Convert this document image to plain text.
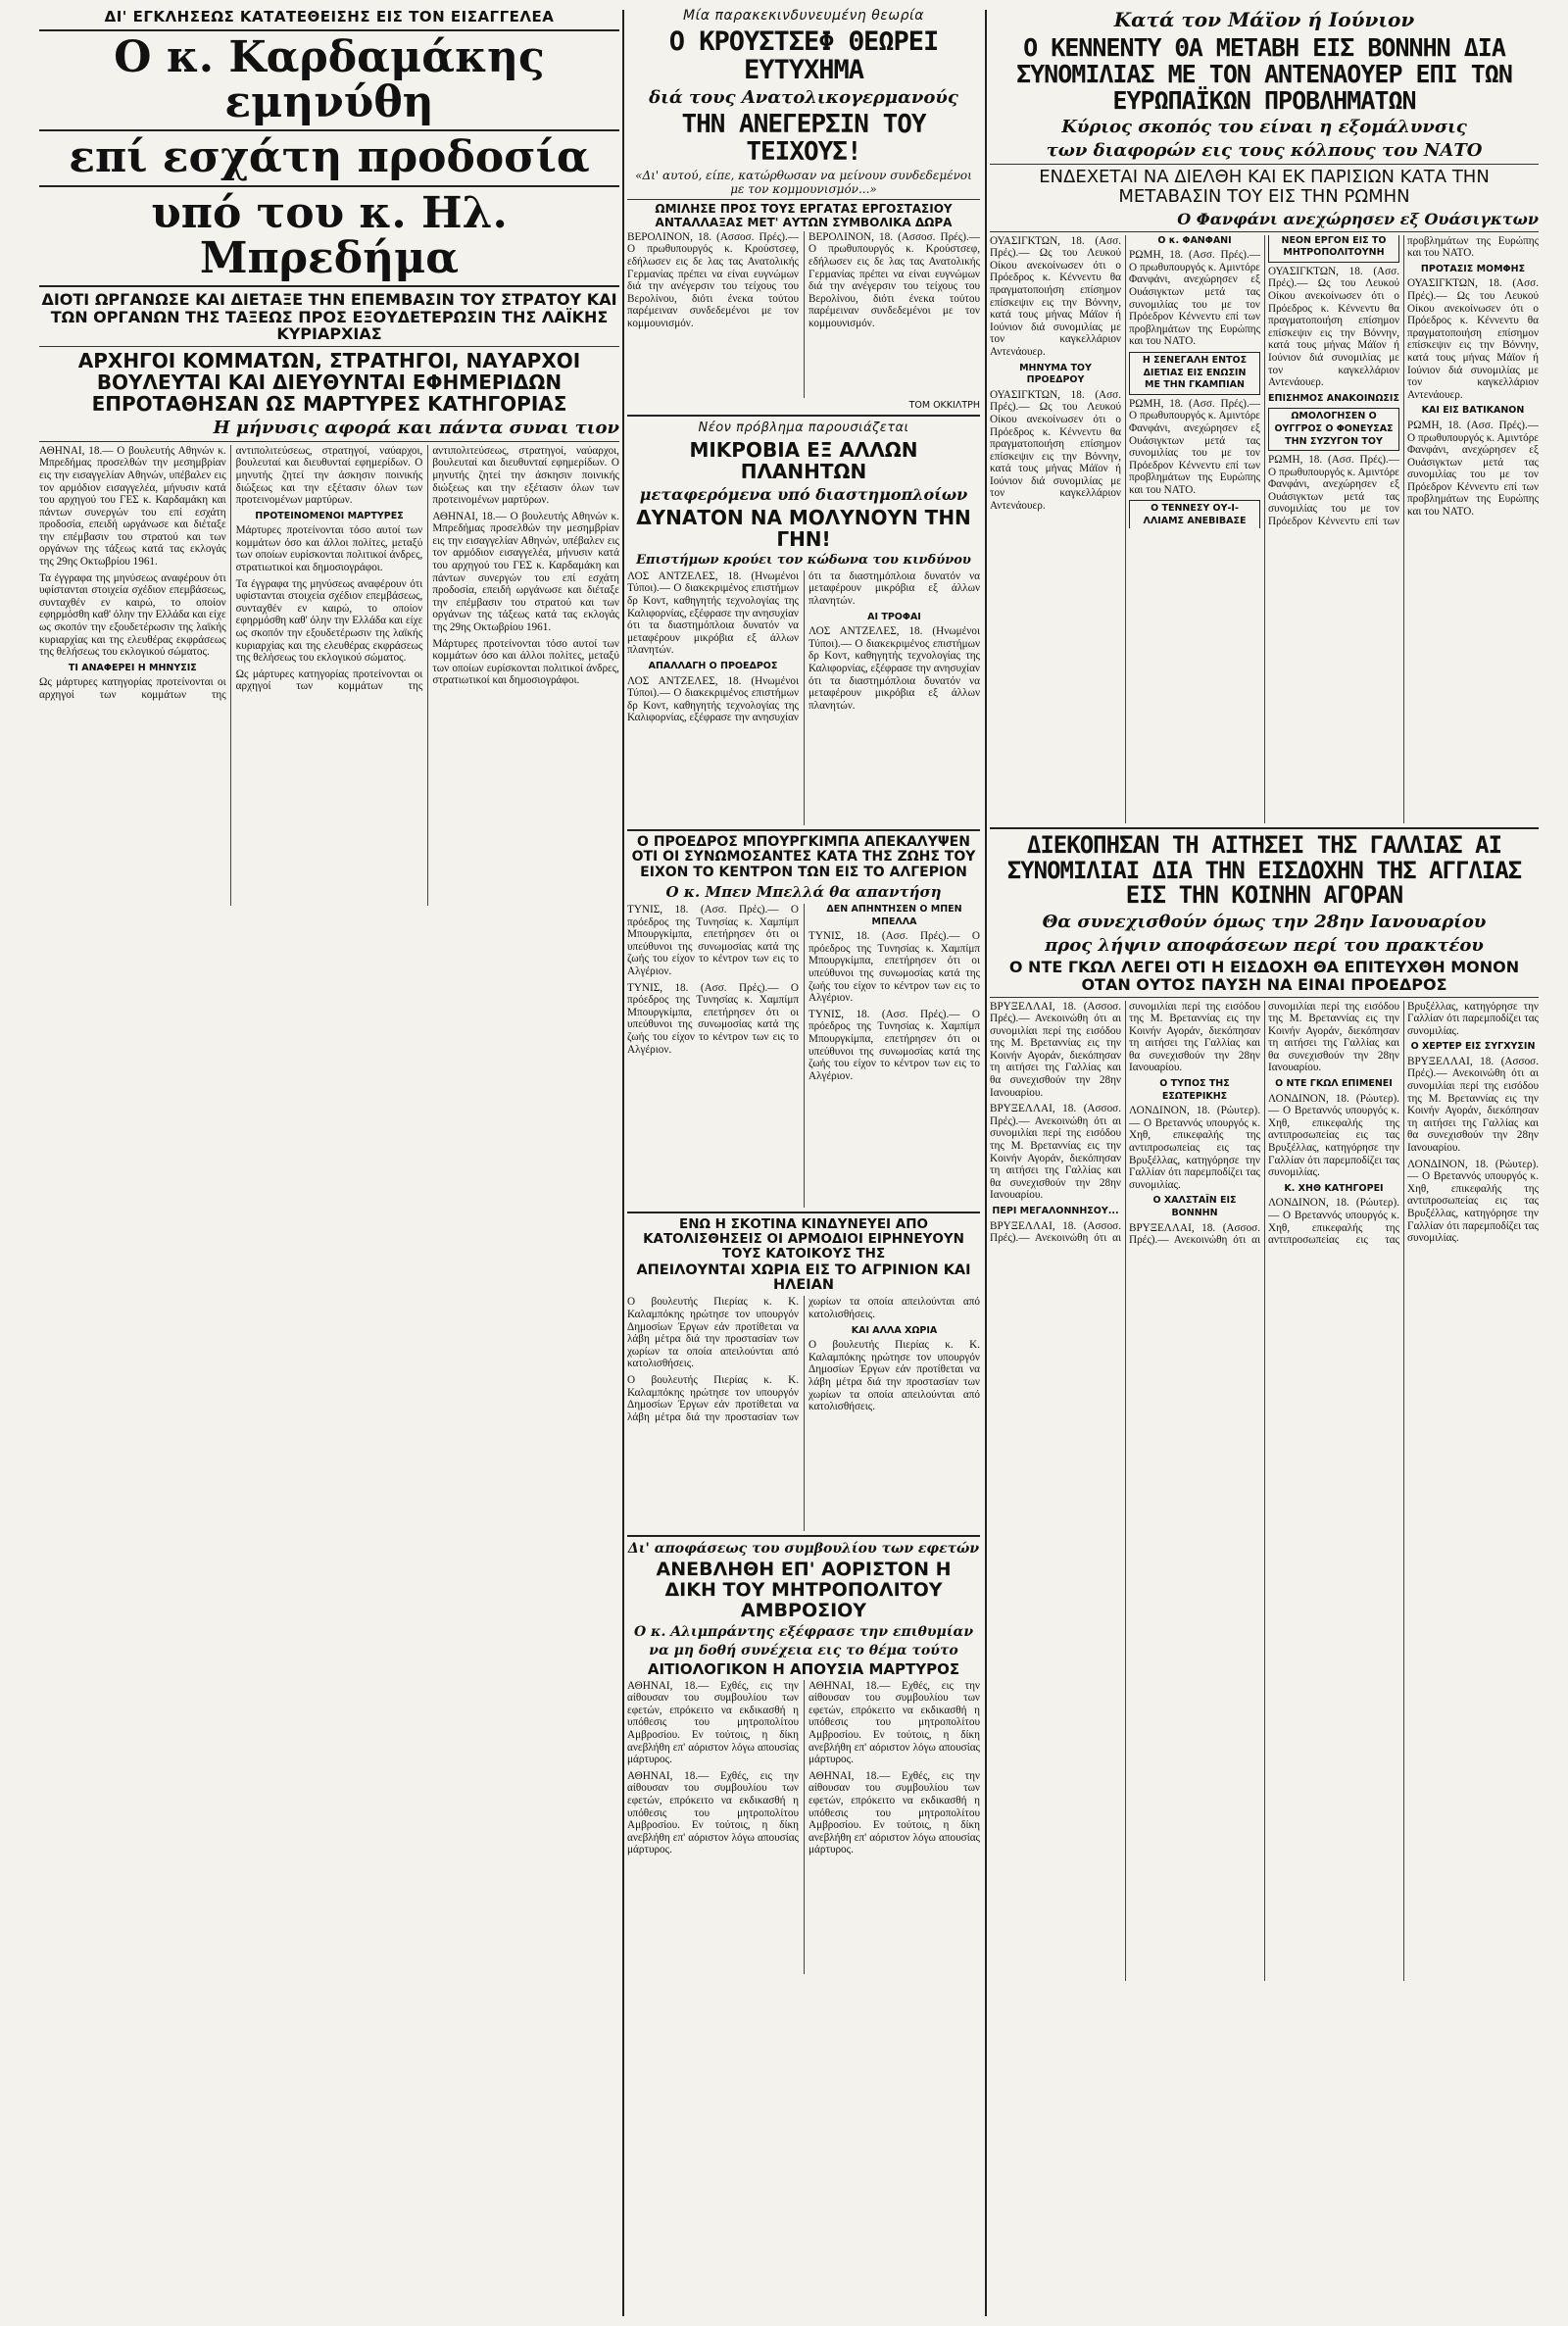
ΔΙ' ΕΓΚΛΗΣΕΩΣ ΚΑΤΑΤΕΘΕΙΣΗΣ ΕΙΣ ΤΟΝ ΕΙΣΑΓΓΕΛΕΑ
Ο κ. Καρδαμάκης εμηνύθη
επί εσχάτη προδοσία
υπό του κ. Ηλ. Μπρεδήμα
ΔΙΟΤΙ ΩΡΓΑΝΩΣΕ ΚΑΙ ΔΙΕΤΑΞΕ ΤΗΝ ΕΠΕΜΒΑΣΙΝ ΤΟΥ ΣΤΡΑΤΟΥ ΚΑΙ ΤΩΝ ΟΡΓΑΝΩΝ ΤΗΣ ΤΑΞΕΩΣ ΠΡΟΣ ΕΞΟΥΔΕΤΕΡΩΣΙΝ ΤΗΣ ΛΑΪΚΗΣ ΚΥΡΙΑΡΧΙΑΣ
ΑΡΧΗΓΟΙ ΚΟΜΜΑΤΩΝ, ΣΤΡΑΤΗΓΟΙ, ΝΑΥΑΡΧΟΙ ΒΟΥΛΕΥΤΑΙ ΚΑΙ ΔΙΕΥΘΥΝΤΑΙ ΕΦΗΜΕΡΙΔΩΝ ΕΠΡΟΤΑΘΗΣΑΝ ΩΣ ΜΑΡΤΥΡΕΣ ΚΑΤΗΓΟΡΙΑΣ
Η μήνυσις αφορά και πάντα συναι τιον

ΑΘΗΝΑΙ, 18.— Ο βουλευτής Αθηνών κ. Μπρεδήμας προσελθών την μεσημβρίαν εις την εισαγγελίαν Αθηνών, υπέβαλεν εις τον αρμόδιον εισαγγελέα, μήνυσιν κατά του αρχηγού του ΓΕΣ κ. Καρδαμάκη και πάντων συνεργών του επί εσχάτη προδοσία, επειδή ωργάνωσε και διέταξε την επέμβασιν του στρατού και των οργάνων της τάξεως κατά τας εκλογάς της 29ης Οκτωβρίου 1961.

Τα έγγραφα της μηνύσεως αναφέρουν ότι υφίστανται στοιχεία σχέδιον επεμβάσεως, συνταχθέν εν καιρώ, το οποίον εφηρμόσθη καθ' όλην την Ελλάδα και είχε ως σκοπόν την εξουδετέρωσιν της λαϊκής κυριαρχίας και της ελευθέρας εκφράσεως της θελήσεως του εκλογικού σώματος.

ΤΙ ΑΝΑΦΕΡΕΙ Η ΜΗΝΥΣΙΣ

Ως μάρτυρες κατηγορίας προτείνονται οι αρχηγοί των κομμάτων της αντιπολιτεύσεως, στρατηγοί, ναύαρχοι, βουλευταί και διευθυνταί εφημερίδων. Ο μηνυτής ζητεί την άσκησιν ποινικής διώξεως και την εξέτασιν όλων των προτεινομένων μαρτύρων.

ΠΡΟΤΕΙΝΟΜΕΝΟΙ ΜΑΡΤΥΡΕΣ

Μάρτυρες προτείνονται τόσο αυτοί των κομμάτων όσο και άλλοι πολίτες, μεταξύ των οποίων ευρίσκονται πολιτικοί άνδρες, στρατιωτικοί και δημοσιογράφοι.

Τα έγγραφα της μηνύσεως αναφέρουν ότι υφίστανται στοιχεία σχέδιον επεμβάσεως, συνταχθέν εν καιρώ, το οποίον εφηρμόσθη καθ' όλην την Ελλάδα και είχε ως σκοπόν την εξουδετέρωσιν της λαϊκής κυριαρχίας και της ελευθέρας εκφράσεως της θελήσεως του εκλογικού σώματος.

Ως μάρτυρες κατηγορίας προτείνονται οι αρχηγοί των κομμάτων της αντιπολιτεύσεως, στρατηγοί, ναύαρχοι, βουλευταί και διευθυνταί εφημερίδων. Ο μηνυτής ζητεί την άσκησιν ποινικής διώξεως και την εξέτασιν όλων των προτεινομένων μαρτύρων.

ΑΘΗΝΑΙ, 18.— Ο βουλευτής Αθηνών κ. Μπρεδήμας προσελθών την μεσημβρίαν εις την εισαγγελίαν Αθηνών, υπέβαλεν εις τον αρμόδιον εισαγγελέα, μήνυσιν κατά του αρχηγού του ΓΕΣ κ. Καρδαμάκη και πάντων συνεργών του επί εσχάτη προδοσία, επειδή ωργάνωσε και διέταξε την επέμβασιν του στρατού και των οργάνων της τάξεως κατά τας εκλογάς της 29ης Οκτωβρίου 1961.

Μάρτυρες προτείνονται τόσο αυτοί των κομμάτων όσο και άλλοι πολίτες, μεταξύ των οποίων ευρίσκονται πολιτικοί άνδρες, στρατιωτικοί και δημοσιογράφοι.

Μία παρακεκινδυνευμένη θεωρία
Ο ΚΡΟΥΣΤΣΕΦ ΘΕΩΡΕΙ ΕΥΤΥΧΗΜΑ
διά τους Ανατολικογερμανούς
ΤΗΝ ΑΝΕΓΕΡΣΙΝ ΤΟΥ ΤΕΙΧΟΥΣ!
«Δι' αυτού, είπε, κατώρθωσαν να μείνουν συνδεδεμένοι με τον κομμουνισμόν...»
ΩΜΙΛΗΣΕ ΠΡΟΣ ΤΟΥΣ ΕΡΓΑΤΑΣ ΕΡΓΟΣΤΑΣΙΟΥ ΑΝΤΑΛΛΑΞΑΣ ΜΕΤ' ΑΥΤΩΝ ΣΥΜΒΟΛΙΚΑ ΔΩΡΑ

ΒΕΡΟΛΙΝΟΝ, 18. (Ασσοσ. Πρές).— Ο πρωθυπουργός κ. Κρούστσεφ, εδήλωσεν εις δε λας τας Ανατολικής Γερμανίας πρέπει να είναι ευγνώμων διά την ανέγερσιν του τείχους του Βερολίνου, διότι ένεκα τούτου παρέμειναν συνδεδεμένοι με τον κομμουνισμόν.

ΒΕΡΟΛΙΝΟΝ, 18. (Ασσοσ. Πρές).— Ο πρωθυπουργός κ. Κρούστσεφ, εδήλωσεν εις δε λας τας Ανατολικής Γερμανίας πρέπει να είναι ευγνώμων διά την ανέγερσιν του τείχους του Βερολίνου, διότι ένεκα τούτου παρέμειναν συνδεδεμένοι με τον κομμουνισμόν.

ΤΟΜ ΟΚΚΙΛΤΡΗ
Νέον πρόβλημα παρουσιάζεται
ΜΙΚΡΟΒΙΑ ΕΞ ΑΛΛΩΝ ΠΛΑΝΗΤΩΝ
μεταφερόμενα υπό διαστημοπλοίων
ΔΥΝΑΤΟΝ ΝΑ ΜΟΛΥΝΟΥΝ ΤΗΝ ΓΗΝ!
Επιστήμων κρούει τον κώδωνα του κινδύνου

ΛΟΣ ΑΝΤΖΕΛΕΣ, 18. (Ηνωμένοι Τύποι).— Ο διακεκριμένος επιστήμων δρ Κοντ, καθηγητής τεχνολογίας της Καλιφορνίας, εξέφρασε την ανησυχίαν ότι τα διαστημόπλοια δυνατόν να μεταφέρουν μικρόβια εξ άλλων πλανητών.

ΑΠΑΛΛΑΓΗ Ο ΠΡΟΕΔΡΟΣ

ΛΟΣ ΑΝΤΖΕΛΕΣ, 18. (Ηνωμένοι Τύποι).— Ο διακεκριμένος επιστήμων δρ Κοντ, καθηγητής τεχνολογίας της Καλιφορνίας, εξέφρασε την ανησυχίαν ότι τα διαστημόπλοια δυνατόν να μεταφέρουν μικρόβια εξ άλλων πλανητών.

ΑΙ ΤΡΟΦΑΙ

ΛΟΣ ΑΝΤΖΕΛΕΣ, 18. (Ηνωμένοι Τύποι).— Ο διακεκριμένος επιστήμων δρ Κοντ, καθηγητής τεχνολογίας της Καλιφορνίας, εξέφρασε την ανησυχίαν ότι τα διαστημόπλοια δυνατόν να μεταφέρουν μικρόβια εξ άλλων πλανητών.

Ο ΠΡΟΕΔΡΟΣ ΜΠΟΥΡΓΚΙΜΠΑ ΑΠΕΚΑΛΥΨΕΝ ΟΤΙ ΟΙ ΣΥΝΩΜΟΣΑΝΤΕΣ ΚΑΤΑ ΤΗΣ ΖΩΗΣ ΤΟΥ ΕΙΧΟΝ ΤΟ ΚΕΝΤΡΟΝ ΤΩΝ ΕΙΣ ΤΟ ΑΛΓΕΡΙΟΝ
Ο κ. Μπεν Μπελλά θα απαντήση

ΤΥΝΙΣ, 18. (Ασσ. Πρές).— Ο πρόεδρος της Τυνησίας κ. Χαμπίμπ Μπουργκίμπα, επετήρησεν ότι οι υπεύθυνοι της συνωμοσίας κατά της ζωής του είχον το κέντρον των εις το Αλγέριον.

ΤΥΝΙΣ, 18. (Ασσ. Πρές).— Ο πρόεδρος της Τυνησίας κ. Χαμπίμπ Μπουργκίμπα, επετήρησεν ότι οι υπεύθυνοι της συνωμοσίας κατά της ζωής του είχον το κέντρον των εις το Αλγέριον.

ΔΕΝ ΑΠΗΝΤΗΣΕΝ Ο ΜΠΕΝ ΜΠΕΛΛΑ

ΤΥΝΙΣ, 18. (Ασσ. Πρές).— Ο πρόεδρος της Τυνησίας κ. Χαμπίμπ Μπουργκίμπα, επετήρησεν ότι οι υπεύθυνοι της συνωμοσίας κατά της ζωής του είχον το κέντρον των εις το Αλγέριον.

ΤΥΝΙΣ, 18. (Ασσ. Πρές).— Ο πρόεδρος της Τυνησίας κ. Χαμπίμπ Μπουργκίμπα, επετήρησεν ότι οι υπεύθυνοι της συνωμοσίας κατά της ζωής του είχον το κέντρον των εις το Αλγέριον.

ΕΝΩ Η ΣΚΟΤΙΝΑ ΚΙΝΔΥΝΕΥΕΙ ΑΠΟ ΚΑΤΟΛΙΣΘΗΣΕΙΣ ΟΙ ΑΡΜΟΔΙΟΙ ΕΙΡΗΝΕΥΟΥΝ ΤΟΥΣ ΚΑΤΟΙΚΟΥΣ ΤΗΣ
ΑΠΕΙΛΟΥΝΤΑΙ ΧΩΡΙΑ ΕΙΣ ΤΟ ΑΓΡΙΝΙΟΝ ΚΑΙ ΗΛΕΙΑΝ

Ο βουλευτής Πιερίας κ. Κ. Καλαμπόκης ηρώτησε τον υπουργόν Δημοσίων Έργων εάν προτίθεται να λάβη μέτρα διά την προστασίαν των χωρίων τα οποία απειλούνται από κατολισθήσεις.

Ο βουλευτής Πιερίας κ. Κ. Καλαμπόκης ηρώτησε τον υπουργόν Δημοσίων Έργων εάν προτίθεται να λάβη μέτρα διά την προστασίαν των χωρίων τα οποία απειλούνται από κατολισθήσεις.

ΚΑΙ ΑΛΛΑ ΧΩΡΙΑ

Ο βουλευτής Πιερίας κ. Κ. Καλαμπόκης ηρώτησε τον υπουργόν Δημοσίων Έργων εάν προτίθεται να λάβη μέτρα διά την προστασίαν των χωρίων τα οποία απειλούνται από κατολισθήσεις.

Δι' αποφάσεως του συμβουλίου των εφετών
ΑΝΕΒΛΗΘΗ ΕΠ' ΑΟΡΙΣΤΟΝ Η ΔΙΚΗ ΤΟΥ ΜΗΤΡΟΠΟΛΙΤΟΥ ΑΜΒΡΟΣΙΟΥ
Ο κ. Αλιμπράντης εξέφρασε την επιθυμίαν
να μη δοθή συνέχεια εις το θέμα τούτο
ΑΙΤΙΟΛΟΓΙΚΟΝ Η ΑΠΟΥΣΙΑ ΜΑΡΤΥΡΟΣ

ΑΘΗΝΑΙ, 18.— Εχθές, εις την αίθουσαν του συμβουλίου των εφετών, επρόκειτο να εκδικασθή η υπόθεσις του μητροπολίτου Αμβροσίου. Εν τούτοις, η δίκη ανεβλήθη επ' αόριστον λόγω απουσίας μάρτυρος.

ΑΘΗΝΑΙ, 18.— Εχθές, εις την αίθουσαν του συμβουλίου των εφετών, επρόκειτο να εκδικασθή η υπόθεσις του μητροπολίτου Αμβροσίου. Εν τούτοις, η δίκη ανεβλήθη επ' αόριστον λόγω απουσίας μάρτυρος.

ΑΘΗΝΑΙ, 18.— Εχθές, εις την αίθουσαν του συμβουλίου των εφετών, επρόκειτο να εκδικασθή η υπόθεσις του μητροπολίτου Αμβροσίου. Εν τούτοις, η δίκη ανεβλήθη επ' αόριστον λόγω απουσίας μάρτυρος.

ΑΘΗΝΑΙ, 18.— Εχθές, εις την αίθουσαν του συμβουλίου των εφετών, επρόκειτο να εκδικασθή η υπόθεσις του μητροπολίτου Αμβροσίου. Εν τούτοις, η δίκη ανεβλήθη επ' αόριστον λόγω απουσίας μάρτυρος.

Κατά τον Μάϊον ή Ιούνιον
Ο ΚΕΝΝΕΝΤΥ ΘΑ ΜΕΤΑΒΗ ΕΙΣ ΒΟΝΝΗΝ ΔΙΑ ΣΥΝΟΜΙΛΙΑΣ ΜΕ ΤΟΝ ΑΝΤΕΝΑΟΥΕΡ ΕΠΙ ΤΩΝ ΕΥΡΩΠΑΪΚΩΝ ΠΡΟΒΛΗΜΑΤΩΝ
Κύριος σκοπός του είναι η εξομάλυνσις
των διαφορών εις τους κόλπους του ΝΑΤΟ
ΕΝΔΕΧΕΤΑΙ ΝΑ ΔΙΕΛΘΗ ΚΑΙ ΕΚ ΠΑΡΙΣΙΩΝ ΚΑΤΑ ΤΗΝ ΜΕΤΑΒΑΣΙΝ ΤΟΥ ΕΙΣ ΤΗΝ ΡΩΜΗΝ
Ο Φανφάνι ανεχώρησεν εξ Ουάσιγκτων

ΟΥΑΣΙΓΚΤΩΝ, 18. (Ασσ. Πρές).— Ως του Λευκού Οίκου ανεκοίνωσεν ότι ο Πρόεδρος κ. Κέννεντυ θα πραγματοποιήση επίσημον επίσκεψιν εις την Βόννην, κατά τους μήνας Μάϊον ή Ιούνιον διά συνομιλίας με τον καγκελλάριον Αντενάουερ.

ΜΗΝΥΜΑ ΤΟΥ ΠΡΟΕΔΡΟΥ

ΟΥΑΣΙΓΚΤΩΝ, 18. (Ασσ. Πρές).— Ως του Λευκού Οίκου ανεκοίνωσεν ότι ο Πρόεδρος κ. Κέννεντυ θα πραγματοποιήση επίσημον επίσκεψιν εις την Βόννην, κατά τους μήνας Μάϊον ή Ιούνιον διά συνομιλίας με τον καγκελλάριον Αντενάουερ.

Ο κ. ΦΑΝΦΑΝΙ

ΡΩΜΗ, 18. (Ασσ. Πρές).— Ο πρωθυπουργός κ. Αμιντόρε Φανφάνι, ανεχώρησεν εξ Ουάσιγκτων μετά τας συνομιλίας του με τον Πρόεδρον Κέννεντυ επί των προβλημάτων της Ευρώπης και του ΝΑΤΟ.

Η ΣΕΝΕΓΑΛΗ ΕΝΤΟΣ ΔΙΕΤΙΑΣ ΕΙΣ ΕΝΩΣΙΝ ΜΕ ΤΗΝ ΓΚΑΜΠΙΑΝ

ΡΩΜΗ, 18. (Ασσ. Πρές).— Ο πρωθυπουργός κ. Αμιντόρε Φανφάνι, ανεχώρησεν εξ Ουάσιγκτων μετά τας συνομιλίας του με τον Πρόεδρον Κέννεντυ επί των προβλημάτων της Ευρώπης και του ΝΑΤΟ.

Ο ΤΕΝΝΕΣΥ ΟΥ-Ι-ΛΛΙΑΜΣ ΑΝΕΒΙΒΑΣΕ ΝΕΟΝ ΕΡΓΟΝ ΕΙΣ ΤΟ ΜΗΤΡΟΠΟΛΙΤΟΥΝΗ

ΟΥΑΣΙΓΚΤΩΝ, 18. (Ασσ. Πρές).— Ως του Λευκού Οίκου ανεκοίνωσεν ότι ο Πρόεδρος κ. Κέννεντυ θα πραγματοποιήση επίσημον επίσκεψιν εις την Βόννην, κατά τους μήνας Μάϊον ή Ιούνιον διά συνομιλίας με τον καγκελλάριον Αντενάουερ.

ΕΠΙΣΗΜΟΣ ΑΝΑΚΟΙΝΩΣΙΣ
ΩΜΟΛΟΓΗΣΕΝ Ο ΟΥΓΓΡΟΣ Ο ΦΟΝΕΥΣΑΣ ΤΗΝ ΣΥΖΥΓΟΝ ΤΟΥ

ΡΩΜΗ, 18. (Ασσ. Πρές).— Ο πρωθυπουργός κ. Αμιντόρε Φανφάνι, ανεχώρησεν εξ Ουάσιγκτων μετά τας συνομιλίας του με τον Πρόεδρον Κέννεντυ επί των προβλημάτων της Ευρώπης και του ΝΑΤΟ.

ΠΡΟΤΑΣΙΣ ΜΟΜΦΗΣ

ΟΥΑΣΙΓΚΤΩΝ, 18. (Ασσ. Πρές).— Ως του Λευκού Οίκου ανεκοίνωσεν ότι ο Πρόεδρος κ. Κέννεντυ θα πραγματοποιήση επίσημον επίσκεψιν εις την Βόννην, κατά τους μήνας Μάϊον ή Ιούνιον διά συνομιλίας με τον καγκελλάριον Αντενάουερ.

ΚΑΙ ΕΙΣ ΒΑΤΙΚΑΝΟΝ

ΡΩΜΗ, 18. (Ασσ. Πρές).— Ο πρωθυπουργός κ. Αμιντόρε Φανφάνι, ανεχώρησεν εξ Ουάσιγκτων μετά τας συνομιλίας του με τον Πρόεδρον Κέννεντυ επί των προβλημάτων της Ευρώπης και του ΝΑΤΟ.

ΔΙΕΚΟΠΗΣΑΝ ΤΗ ΑΙΤΗΣΕΙ ΤΗΣ ΓΑΛΛΙΑΣ ΑΙ ΣΥΝΟΜΙΛΙΑΙ ΔΙΑ ΤΗΝ ΕΙΣΔΟΧΗΝ ΤΗΣ ΑΓΓΛΙΑΣ ΕΙΣ ΤΗΝ ΚΟΙΝΗΝ ΑΓΟΡΑΝ
Θα συνεχισθούν όμως την 28ην Ιανουαρίου
προς λήψιν αποφάσεων περί του πρακτέου
Ο ΝΤΕ ΓΚΩΛ ΛΕΓΕΙ ΟΤΙ Η ΕΙΣΔΟΧΗ ΘΑ ΕΠΙΤΕΥΧΘΗ ΜΟΝΟΝ ΟΤΑΝ ΟΥΤΟΣ ΠΑΥΣΗ ΝΑ ΕΙΝΑΙ ΠΡΟΕΔΡΟΣ

ΒΡΥΞΕΛΛΑΙ, 18. (Ασσοσ. Πρές).— Ανεκοινώθη ότι αι συνομιλίαι περί της εισόδου της Μ. Βρεταννίας εις την Κοινήν Αγοράν, διεκόπησαν τη αιτήσει της Γαλλίας και θα συνεχισθούν την 28ην Ιανουαρίου.

ΒΡΥΞΕΛΛΑΙ, 18. (Ασσοσ. Πρές).— Ανεκοινώθη ότι αι συνομιλίαι περί της εισόδου της Μ. Βρεταννίας εις την Κοινήν Αγοράν, διεκόπησαν τη αιτήσει της Γαλλίας και θα συνεχισθούν την 28ην Ιανουαρίου.

ΠΕΡΙ ΜΕΓΑΛΟΝΝΗΣΟΥ...

ΒΡΥΞΕΛΛΑΙ, 18. (Ασσοσ. Πρές).— Ανεκοινώθη ότι αι συνομιλίαι περί της εισόδου της Μ. Βρεταννίας εις την Κοινήν Αγοράν, διεκόπησαν τη αιτήσει της Γαλλίας και θα συνεχισθούν την 28ην Ιανουαρίου.

Ο ΤΥΠΟΣ ΤΗΣ ΕΣΩΤΕΡΙΚΗΣ

ΛΟΝΔΙΝΟΝ, 18. (Ρώυτερ).— Ο Βρεταννός υπουργός κ. Χηθ, επικεφαλής της αντιπροσωπείας εις τας Βρυξέλλας, κατηγόρησε την Γαλλίαν ότι παρεμποδίζει τας συνομιλίας.

Ο ΧΑΛΣΤΑΪΝ ΕΙΣ ΒΟΝΝΗΝ

ΒΡΥΞΕΛΛΑΙ, 18. (Ασσοσ. Πρές).— Ανεκοινώθη ότι αι συνομιλίαι περί της εισόδου της Μ. Βρεταννίας εις την Κοινήν Αγοράν, διεκόπησαν τη αιτήσει της Γαλλίας και θα συνεχισθούν την 28ην Ιανουαρίου.

Ο ΝΤΕ ΓΚΩΛ ΕΠΙΜΕΝΕΙ

ΛΟΝΔΙΝΟΝ, 18. (Ρώυτερ).— Ο Βρεταννός υπουργός κ. Χηθ, επικεφαλής της αντιπροσωπείας εις τας Βρυξέλλας, κατηγόρησε την Γαλλίαν ότι παρεμποδίζει τας συνομιλίας.

Κ. ΧΗΘ ΚΑΤΗΓΟΡΕΙ

ΛΟΝΔΙΝΟΝ, 18. (Ρώυτερ).— Ο Βρεταννός υπουργός κ. Χηθ, επικεφαλής της αντιπροσωπείας εις τας Βρυξέλλας, κατηγόρησε την Γαλλίαν ότι παρεμποδίζει τας συνομιλίας.

Ο ΧΕΡΤΕΡ ΕΙΣ ΣΥΓΧΥΣΙΝ

ΒΡΥΞΕΛΛΑΙ, 18. (Ασσοσ. Πρές).— Ανεκοινώθη ότι αι συνομιλίαι περί της εισόδου της Μ. Βρεταννίας εις την Κοινήν Αγοράν, διεκόπησαν τη αιτήσει της Γαλλίας και θα συνεχισθούν την 28ην Ιανουαρίου.

ΛΟΝΔΙΝΟΝ, 18. (Ρώυτερ).— Ο Βρεταννός υπουργός κ. Χηθ, επικεφαλής της αντιπροσωπείας εις τας Βρυξέλλας, κατηγόρησε την Γαλλίαν ότι παρεμποδίζει τας συνομιλίας.
